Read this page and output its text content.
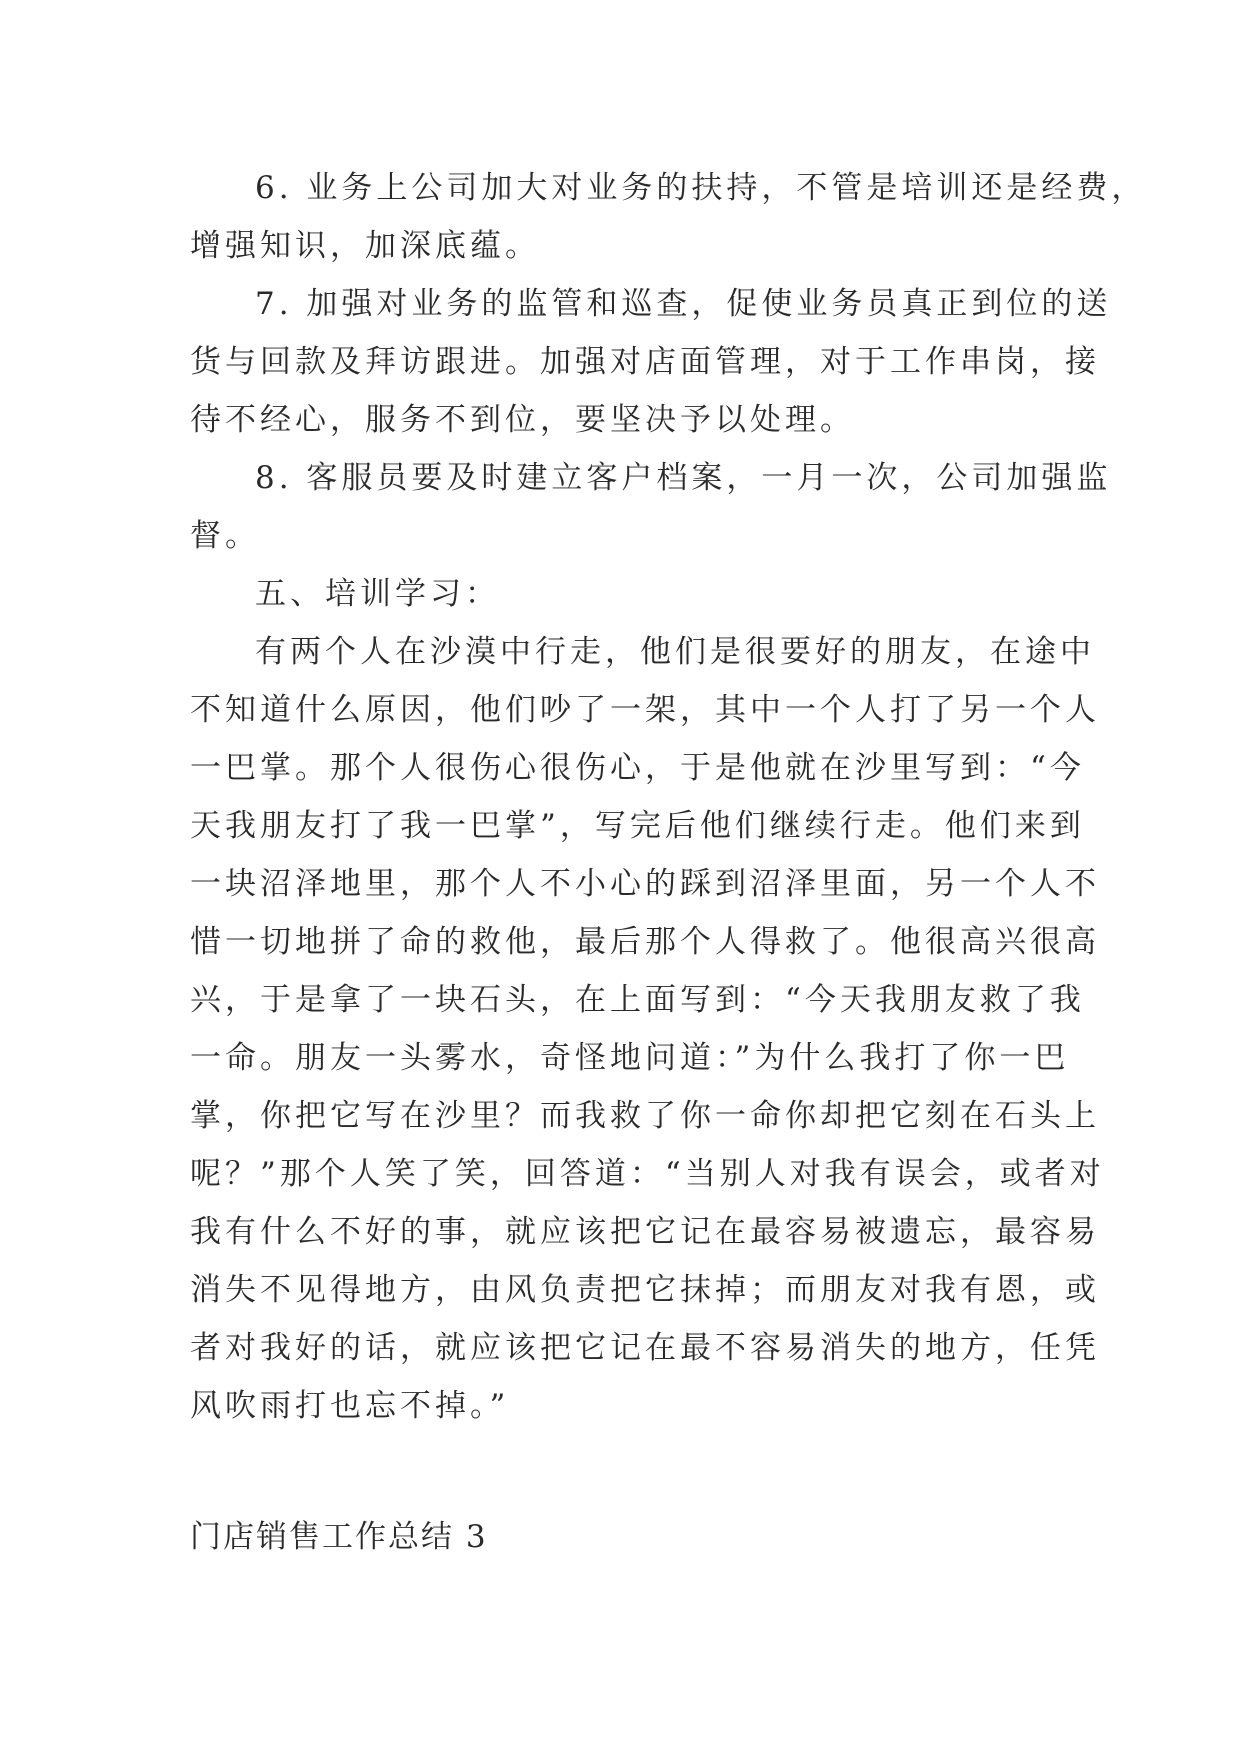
6. 业务上公司加大对业务的扶持，不管是培训还是经费，
增强知识，加深底蕴。
7. 加强对业务的监管和巡查，促使业务员真正到位的送
货与回款及拜访跟进。加强对店面管理，对于工作串岗，接
待不经心，服务不到位，要坚决予以处理。
8. 客服员要及时建立客户档案，一月一次，公司加强监
督。
五、培训学习：
有两个人在沙漠中行走，他们是很要好的朋友，在途中
不知道什么原因，他们吵了一架，其中一个人打了另一个人
一巴掌。那个人很伤心很伤心，于是他就在沙里写到：“今
天我朋友打了我一巴掌”，写完后他们继续行走。他们来到
一块沼泽地里，那个人不小心的踩到沼泽里面，另一个人不
惜一切地拼了命的救他，最后那个人得救了。他很高兴很高
兴，于是拿了一块石头，在上面写到：“今天我朋友救了我
一命。朋友一头雾水，奇怪地问道：”为什么我打了你一巴
掌，你把它写在沙里？而我救了你一命你却把它刻在石头上
呢？”那个人笑了笑，回答道：“当别人对我有误会，或者对
我有什么不好的事，就应该把它记在最容易被遗忘，最容易
消失不见得地方，由风负责把它抹掉；而朋友对我有恩，或
者对我好的话，就应该把它记在最不容易消失的地方，任凭
风吹雨打也忘不掉。”
门店销售工作总结 3
